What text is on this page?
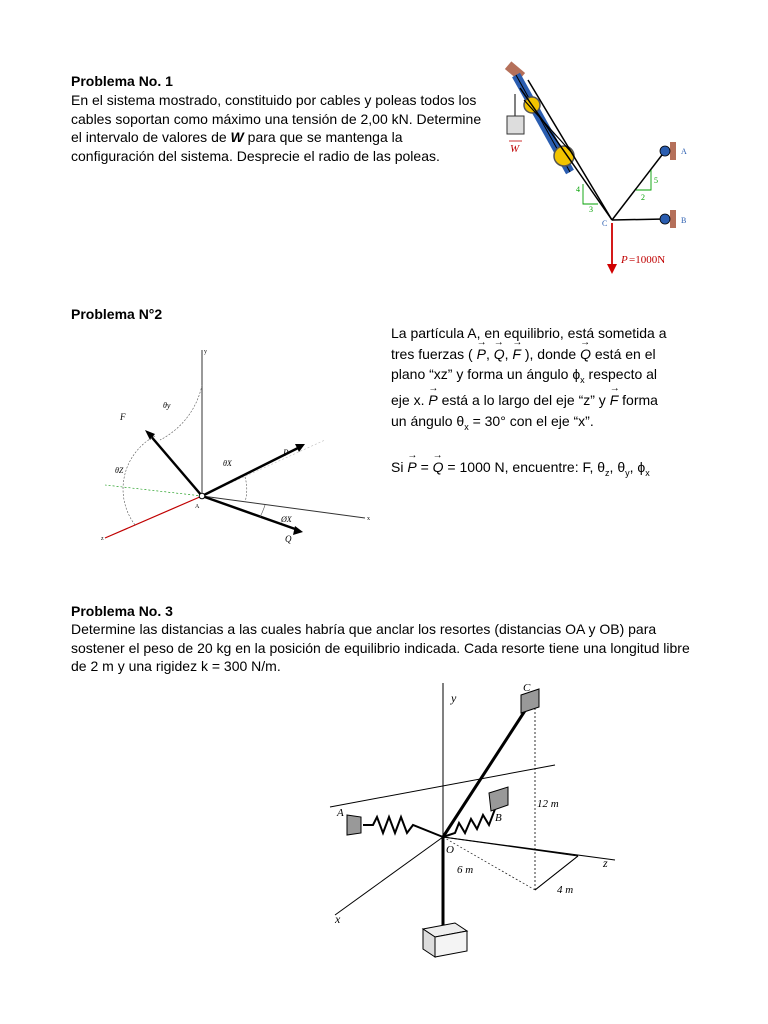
Problema No. 1
En el sistema mostrado, constituido por cables y poleas todos los cables soportan como máximo una tensión de 2,00 kN. Determine el intervalo de valores de W para que se mantenga la configuración del sistema. Desprecie el radio de las poleas.	W	A
B
C
4
3
5
2
P =1000N
Problema N°2
y
x
z
F
P
Q
θy
θZ
θX
ØX
A
La partícula A, en equilibrio, está sometida a
tres fuerzas ( → P, → Q, → F ), donde → Q está en el
plano “xz” y forma un ángulo $\phi_x$ respecto al
eje x. → P está a lo largo del eje “z” y → F forma
un ángulo $\theta_x = 30^\circ$ con el eje “x”.
Si → P = → Q = 1000 N, encuentre: F, $\theta_z$, $\theta_y$, $\phi_x$
Problema No. 3
Determine las distancias a las cuales habría que anclar los resortes (distancias OA y OB) para sostener el peso de 20 kg en la posición de equilibrio indicada. Cada resorte tiene una longitud libre de 2 m y una rigidez k = 300 N/m.
y
z
x
A
C
B
O
12 m
6 m
4 m
